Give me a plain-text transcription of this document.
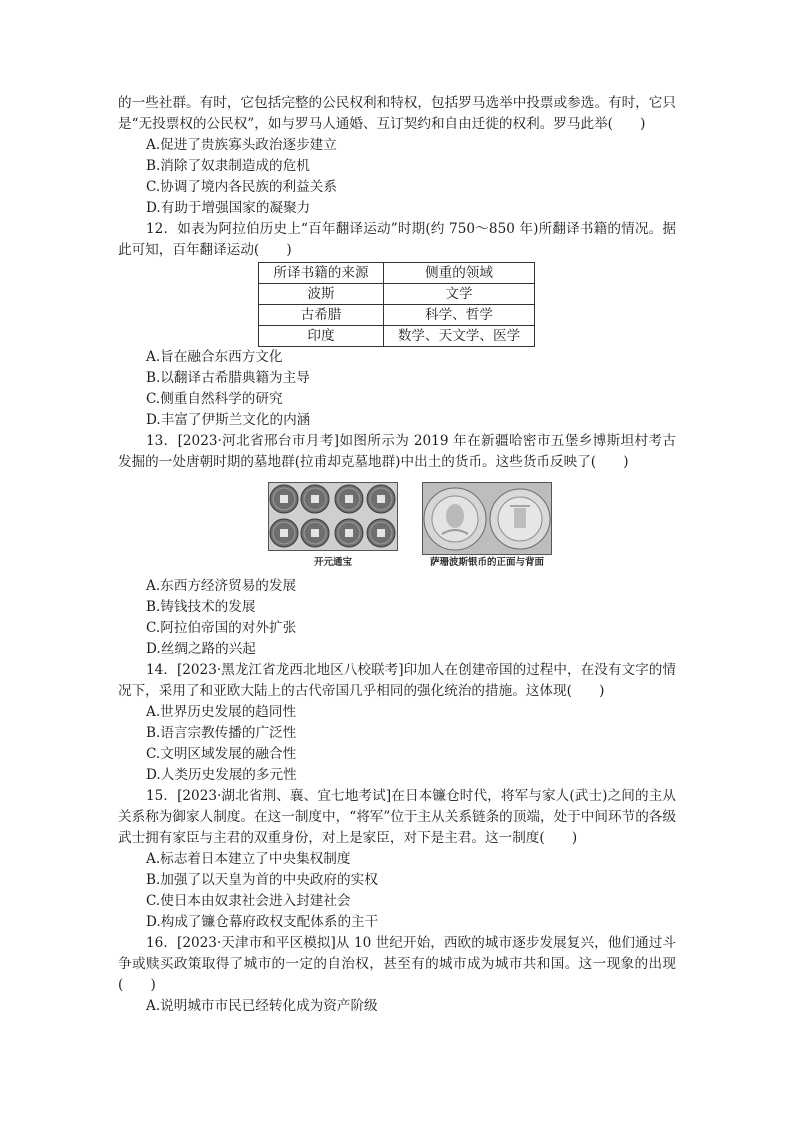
的一些社群。有时，它包括完整的公民权利和特权，包括罗马选举中投票或参选。有时，它只是“无投票权的公民权”，如与罗马人通婚、互订契约和自由迁徙的权利。罗马此举(　　)

A.促进了贵族寡头政治逐步建立

B.消除了奴隶制造成的危机

C.协调了境内各民族的利益关系

D.有助于增强国家的凝聚力

12．如表为阿拉伯历史上“百年翻译运动”时期(约 750～850 年)所翻译书籍的情况。据此可知，百年翻译运动(　　)

所译书籍的来源	侧重的领域
波斯	文学
古希腊	科学、哲学
印度	数学、天文学、医学

A.旨在融合东西方文化

B.以翻译古希腊典籍为主导

C.侧重自然科学的研究

D.丰富了伊斯兰文化的内涵

13．[2023·河北省邢台市月考]如图所示为 2019 年在新疆哈密市五堡乡博斯坦村考古发掘的一处唐朝时期的墓地群(拉甫却克墓地群)中出土的货币。这些货币反映了(　　)

开元通宝	萨珊波斯银币的正面与背面

A.东西方经济贸易的发展

B.铸钱技术的发展

C.阿拉伯帝国的对外扩张

D.丝绸之路的兴起

14．[2023·黑龙江省龙西北地区八校联考]印加人在创建帝国的过程中，在没有文字的情况下，采用了和亚欧大陆上的古代帝国几乎相同的强化统治的措施。这体现(　　)

A.世界历史发展的趋同性

B.语言宗教传播的广泛性

C.文明区域发展的融合性

D.人类历史发展的多元性

15．[2023·湖北省荆、襄、宜七地考试]在日本镰仓时代，将军与家人(武士)之间的主从关系称为御家人制度。在这一制度中，“将军”位于主从关系链条的顶端，处于中间环节的各级武士拥有家臣与主君的双重身份，对上是家臣，对下是主君。这一制度(　　)

A.标志着日本建立了中央集权制度

B.加强了以天皇为首的中央政府的实权

C.使日本由奴隶社会进入封建社会

D.构成了镰仓幕府政权支配体系的主干

16．[2023·天津市和平区模拟]从 10 世纪开始，西欧的城市逐步发展复兴，他们通过斗争或赎买政策取得了城市的一定的自治权，甚至有的城市成为城市共和国。这一现象的出现(　　)

A.说明城市市民已经转化成为资产阶级
